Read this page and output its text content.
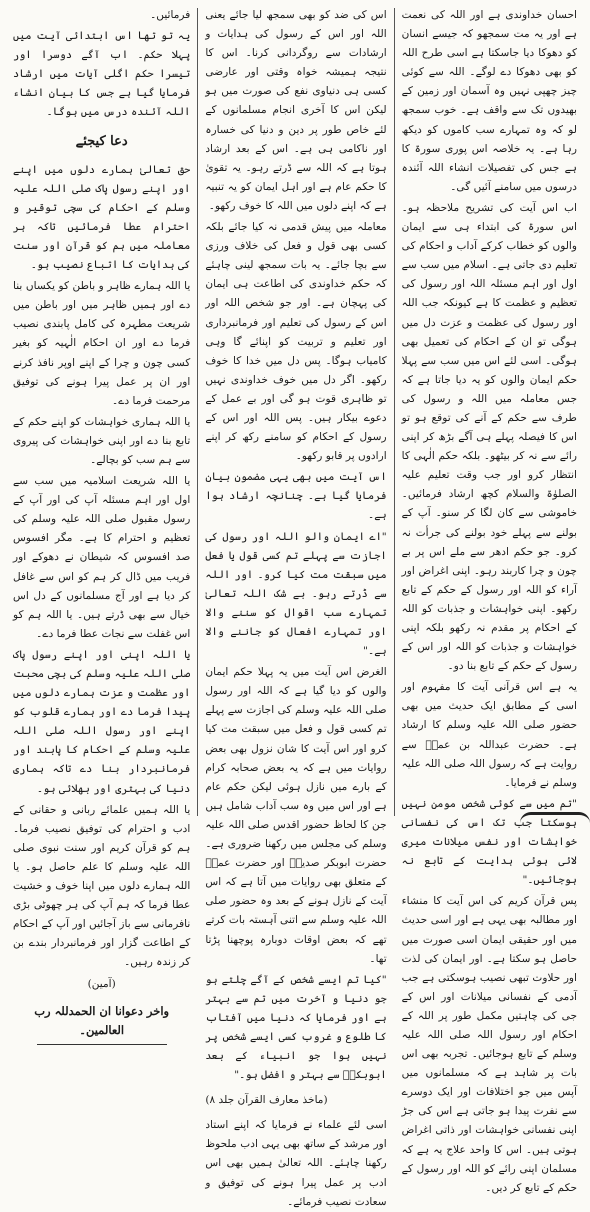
احسان خداوندی ہے اور اللہ کی نعمت ہے اور یہ مت سمجھو کہ جیسے انسان کو دھوکا دیا جاسکتا ہے اسی طرح اللہ کو بھی دھوکا دے لوگے۔ اللہ سے کوئی چیز چھپی نہیں وہ آسمان اور زمین کے بھیدوں تک سے واقف ہے۔ خوب سمجھ لو کہ وہ تمہارے سب کاموں کو دیکھ رہا ہے۔ یہ خلاصہ اس پوری سورۃ کا ہے جس کی تفصیلات انشاء اللہ آئندہ درسوں میں سامنے آئیں گی۔

اب اس آیت کی تشریح ملاحظہ ہو۔ اس سورۃ کی ابتداء ہی سے ایمان والوں کو خطاب کرکے آداب و احکام کی تعلیم دی جاتی ہے۔ اسلام میں سب سے اول اور اہم مسئلہ اللہ اور رسول کی تعظیم و عظمت کا ہے کیونکہ جب اللہ اور رسول کی عظمت و عزت دل میں ہوگی تو ان کے احکام کی تعمیل بھی ہوگی۔ اسی لئے اس میں سب سے پہلا حکم ایمان والوں کو یہ دیا جاتا ہے کہ جس معاملہ میں اللہ و رسول کی طرف سے حکم کے آنے کی توقع ہو تو اس کا فیصلہ پہلے ہی آگے بڑھ کر اپنی رائے سے نہ کر بیٹھو۔ بلکہ حکم الٰہی کا انتظار کرو اور جب وقت تعلیم علیہ الصلوٰۃ والسلام کچھ ارشاد فرمائیں۔ خاموشی سے کان لگا کر سنو۔ آپ کے بولنے سے پہلے خود بولنے کی جرأت نہ کرو۔ جو حکم ادھر سے ملے اس پر بے چون و چرا کاربند رہو۔ اپنی اغراض اور آراء کو اللہ اور رسول کے حکم کے تابع رکھو۔ اپنی خواہشات و جذبات کو اللہ کے احکام پر مقدم نہ رکھو بلکہ اپنی خواہشات و جذبات کو اللہ اور اس کے رسول کے حکم کے تابع بنا دو۔

یہ ہے اس قرآنی آیت کا مفہوم اور اسی کے مطابق ایک حدیث میں بھی حضور صلی اللہ علیہ وسلم کا ارشاد ہے۔ حضرت عبداللہ بن عمرؓ سے روایت ہے کہ رسول اللہ صلی اللہ علیہ وسلم نے فرمایا۔

"تم میں سے کوئی شخص مومن نہیں ہوسکتا جب تک اس کی نفسانی خواہشات اور نفس میلانات میری لائی ہوئی ہدایت کے تابع نہ ہوجائیں۔"

پس قرآن کریم کی اس آیت کا منشاء اور مطالبہ بھی یہی ہے اور اسی حدیث میں اور حقیقی ایمان اسی صورت میں حاصل ہو سکتا ہے۔ اور ایمان کی لذت اور حلاوت تبھی نصیب ہوسکتی ہے جب آدمی کے نفسانی میلانات اور اس کے جی کی چاہتیں مکمل طور پر اللہ کے احکام اور رسول اللہ صلی اللہ علیہ وسلم کے تابع ہوجائیں۔ تجربہ بھی اس بات پر شاہد ہے کہ مسلمانوں میں آپس میں جو اختلافات اور ایک دوسرے سے نفرت پیدا ہو جاتی ہے اس کی جڑ اپنی نفسانی خواہشات اور ذاتی اغراض ہوتی ہیں۔ اس کا واحد علاج یہ ہے کہ مسلمان اپنی رائے کو اللہ اور رسول کے حکم کے تابع کر دیں۔

اس کی ضد کو بھی سمجھ لیا جائے یعنی اللہ اور اس کے رسول کی ہدایات و ارشادات سے روگردانی کرنا۔ اس کا نتیجہ ہمیشہ خواہ وقتی اور عارضی کسی ہی دنیاوی نفع کی صورت میں ہو لیکن اس کا آخری انجام مسلمانوں کے لئے خاص طور پر دین و دنیا کی خسارہ اور ناکامی ہی ہے۔ اس کے بعد ارشاد ہوتا ہے کہ اللہ سے ڈرتے رہو۔ یہ تقویٰ کا حکم عام ہے اور اہل ایمان کو یہ تنبیہ ہے کہ اپنے دلوں میں اللہ کا خوف رکھو۔

معاملہ میں پیش قدمی نہ کیا جائے بلکہ کسی بھی قول و فعل کی خلاف ورزی سے بچا جائے۔ یہ بات سمجھ لینی چاہئے کہ حکم خداوندی کی اطاعت ہی ایمان کی پہچان ہے۔ اور جو شخص اللہ اور اس کے رسول کی تعلیم اور فرمانبرداری اور تعلیم و تربیت کو اپنائے گا وہی کامیاب ہوگا۔ پس دل میں خدا کا خوف رکھو۔ اگر دل میں خوف خداوندی نہیں تو ظاہری قوت ہو گی اور بے عمل کے دعوے بیکار ہیں۔ پس اللہ اور اس کے رسول کے احکام کو سامنے رکھ کر اپنے ارادوں پر قابو رکھو۔

اس آیت میں بھی یہی مضمون بیان فرمایا گیا ہے۔ چنانچہ ارشاد ہوا ہے۔

"اے ایمان والو اللہ اور رسول کی اجازت سے پہلے تم کسی قول یا فعل میں سبقت مت کیا کرو۔ اور اللہ سے ڈرتے رہو۔ بے شک اللہ تعالیٰ تمہارے سب اقوال کو سننے والا اور تمہارے افعال کو جاننے والا ہے۔"

الغرض اس آیت میں یہ پہلا حکم ایمان والوں کو دیا گیا ہے کہ اللہ اور رسول صلی اللہ علیہ وسلم کی اجازت سے پہلے تم کسی قول و فعل میں سبقت مت کیا کرو اور اس آیت کا شان نزول بھی بعض روایات میں ہے کہ یہ بعض صحابہ کرام کے بارے میں نازل ہوئی لیکن حکم عام ہے اور اس میں وہ سب آداب شامل ہیں جن کا لحاظ حضور اقدس صلی اللہ علیہ وسلم کی مجلس میں رکھنا ضروری ہے۔ حضرت ابوبکر صدیقؓ اور حضرت عمرؓ کے متعلق بھی روایات میں آتا ہے کہ اس آیت کے نازل ہونے کے بعد وہ حضور صلی اللہ علیہ وسلم سے اتنی آہستہ بات کرتے تھے کہ بعض اوقات دوبارہ پوچھنا پڑتا تھا۔

"کیا تم ایسے شخص کے آگے چلتے ہو جو دنیا و آخرت میں تم سے بہتر ہے اور فرمایا کہ دنیا میں آفتاب کا طلوع و غروب کسی ایسے شخص پر نہیں ہوا جو انبیاء کے بعد ابوبکرؓ سے بہتر و افضل ہو۔"

(ماخذ معارف القرآن جلد ۸)

اسی لئے علماء نے فرمایا کہ اپنے استاد اور مرشد کے ساتھ بھی یہی ادب ملحوظ رکھنا چاہئے۔ اللہ تعالیٰ ہمیں بھی اس ادب پر عمل پیرا ہونے کی توفیق و سعادت نصیب فرمائے۔

فرمائیں۔

یہ تو تھا اس ابتدائی آیت میں پہلا حکم۔ اب آگے دوسرا اور تیسرا حکم اگلی آیات میں ارشاد فرمایا گیا ہے جس کا بیان انشاء اللہ آئندہ درس میں ہوگا۔

دعا کیجئے

حق تعالیٰ ہمارے دلوں میں اپنے اور اپنے رسول پاک صلی اللہ علیہ وسلم کے احکام کی سچی توقیر و احترام عطا فرمائیں تاکہ ہر معاملہ میں ہم کو قرآن اور سنت کی ہدایات کا اتباع نصیب ہو۔

یا اللہ ہمارے ظاہر و باطن کو یکساں بنا دے اور ہمیں ظاہر میں اور باطن میں شریعت مطہرہ کی کامل پابندی نصیب فرما دے اور ان احکام الٰہیہ کو بغیر کسی چون و چرا کے اپنے اوپر نافذ کرنے اور ان پر عمل پیرا ہونے کی توفیق مرحمت فرما دے۔

یا اللہ ہماری خواہشات کو اپنے حکم کے تابع بنا دے اور اپنی خواہشات کی پیروی سے ہم سب کو بچالے۔

یا اللہ شریعت اسلامیہ میں سب سے اول اور اہم مسئلہ آپ کی اور آپ کے رسول مقبول صلی اللہ علیہ وسلم کی تعظیم و احترام کا ہے۔ مگر افسوس صد افسوس کہ شیطان نے دھوکے اور فریب میں ڈال کر ہم کو اس سے غافل کر دیا ہے اور آج مسلمانوں کے دل اس خیال سے بھی ڈرتے ہیں۔ یا اللہ ہم کو اس غفلت سے نجات عطا فرما دے۔

یا اللہ اپنی اور اپنے رسول پاک صلی اللہ علیہ وسلم کی بچی محبت اور عظمت و عزت ہمارے دلوں میں پیدا فرما دے اور ہمارے قلوب کو اپنے اور رسول اللہ صلی اللہ علیہ وسلم کے احکام کا پابند اور فرمانبردار بنا دے تاکہ ہماری دنیا کی بہتری اور بھلائی ہو۔

یا اللہ ہمیں علمائے ربانی و حقانی کے ادب و احترام کی توفیق نصیب فرما۔ ہم کو قرآن کریم اور سنت نبوی صلی اللہ علیہ وسلم کا علم حاصل ہو۔ یا اللہ ہمارے دلوں میں اپنا خوف و خشیت عطا فرما کہ ہم آپ کی ہر چھوٹی بڑی نافرمانی سے باز آجائیں اور آپ کے احکام کے اطاعت گزار اور فرمانبردار بندے بن کر زندہ رہیں۔

(آمین)

واخر دعوانا ان الحمدللہ رب العالمین۔
